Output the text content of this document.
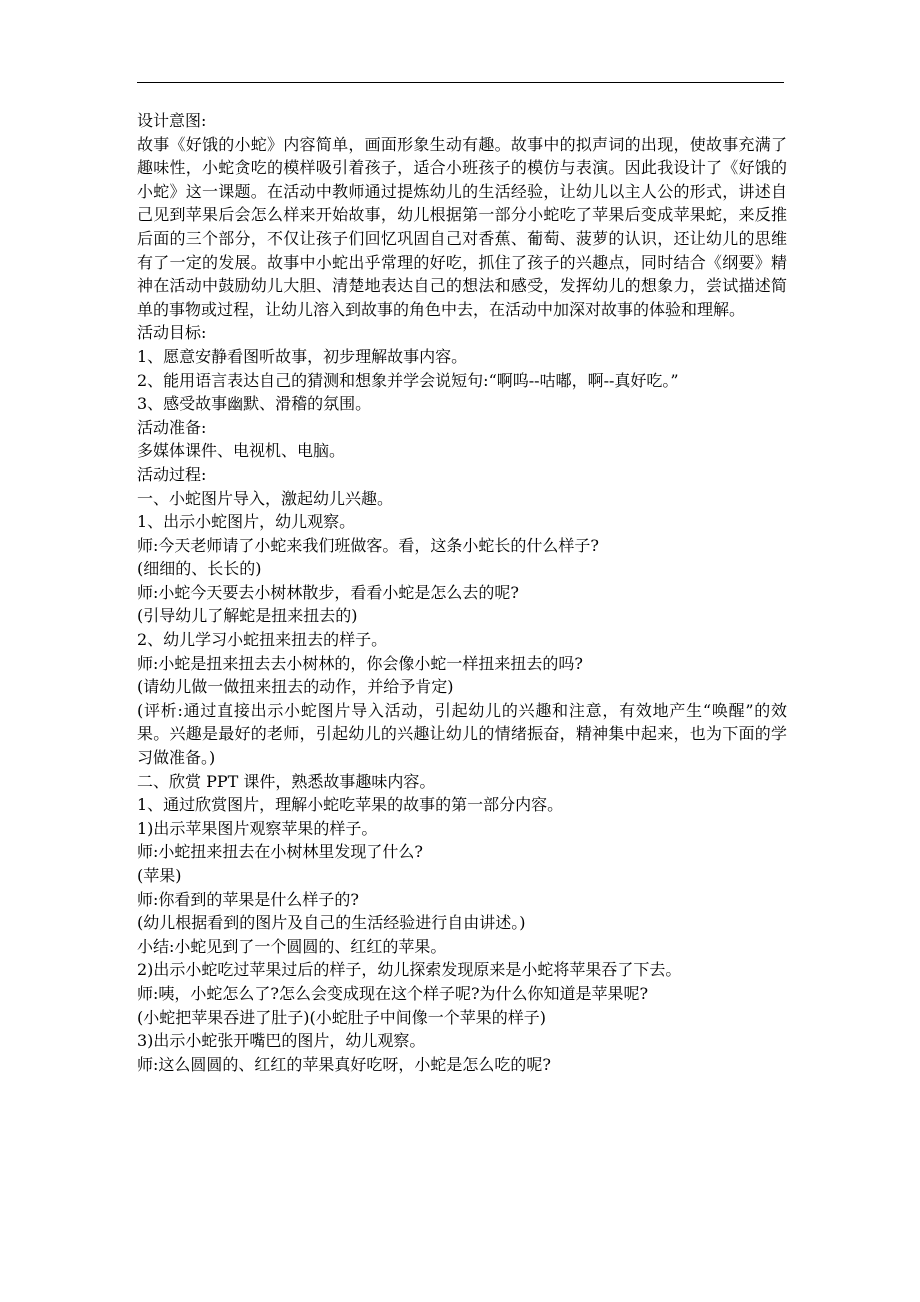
设计意图:

故事《好饿的小蛇》内容简单，画面形象生动有趣。故事中的拟声词的出现，使故事充满了趣味性，小蛇贪吃的模样吸引着孩子，适合小班孩子的模仿与表演。因此我设计了《好饿的小蛇》这一课题。在活动中教师通过提炼幼儿的生活经验，让幼儿以主人公的形式，讲述自己见到苹果后会怎么样来开始故事，幼儿根据第一部分小蛇吃了苹果后变成苹果蛇，来反推后面的三个部分，不仅让孩子们回忆巩固自己对香蕉、葡萄、菠萝的认识，还让幼儿的思维有了一定的发展。故事中小蛇出乎常理的好吃，抓住了孩子的兴趣点，同时结合《纲要》精神在活动中鼓励幼儿大胆、清楚地表达自己的想法和感受，发挥幼儿的想象力，尝试描述简单的事物或过程，让幼儿溶入到故事的角色中去，在活动中加深对故事的体验和理解。

活动目标:

1、愿意安静看图听故事，初步理解故事内容。

2、能用语言表达自己的猜测和想象并学会说短句:“啊呜--咕嘟，啊--真好吃。”

3、感受故事幽默、滑稽的氛围。

活动准备:

多媒体课件、电视机、电脑。

活动过程:

一、小蛇图片导入，激起幼儿兴趣。

1、出示小蛇图片，幼儿观察。

师:今天老师请了小蛇来我们班做客。看，这条小蛇长的什么样子?

(细细的、长长的)

师:小蛇今天要去小树林散步，看看小蛇是怎么去的呢?

(引导幼儿了解蛇是扭来扭去的)

2、幼儿学习小蛇扭来扭去的样子。

师:小蛇是扭来扭去去小树林的，你会像小蛇一样扭来扭去的吗?

(请幼儿做一做扭来扭去的动作，并给予肯定)

(评析:通过直接出示小蛇图片导入活动，引起幼儿的兴趣和注意，有效地产生“唤醒”的效果。兴趣是最好的老师，引起幼儿的兴趣让幼儿的情绪振奋，精神集中起来，也为下面的学习做准备。)

二、欣赏 PPT 课件，熟悉故事趣味内容。

1、通过欣赏图片，理解小蛇吃苹果的故事的第一部分内容。

1)出示苹果图片观察苹果的样子。

师:小蛇扭来扭去在小树林里发现了什么?

(苹果)

师:你看到的苹果是什么样子的?

(幼儿根据看到的图片及自己的生活经验进行自由讲述。)

小结:小蛇见到了一个圆圆的、红红的苹果。

2)出示小蛇吃过苹果过后的样子，幼儿探索发现原来是小蛇将苹果吞了下去。

师:咦，小蛇怎么了?怎么会变成现在这个样子呢?为什么你知道是苹果呢?

(小蛇把苹果吞进了肚子)(小蛇肚子中间像一个苹果的样子)

3)出示小蛇张开嘴巴的图片，幼儿观察。

师:这么圆圆的、红红的苹果真好吃呀，小蛇是怎么吃的呢?
